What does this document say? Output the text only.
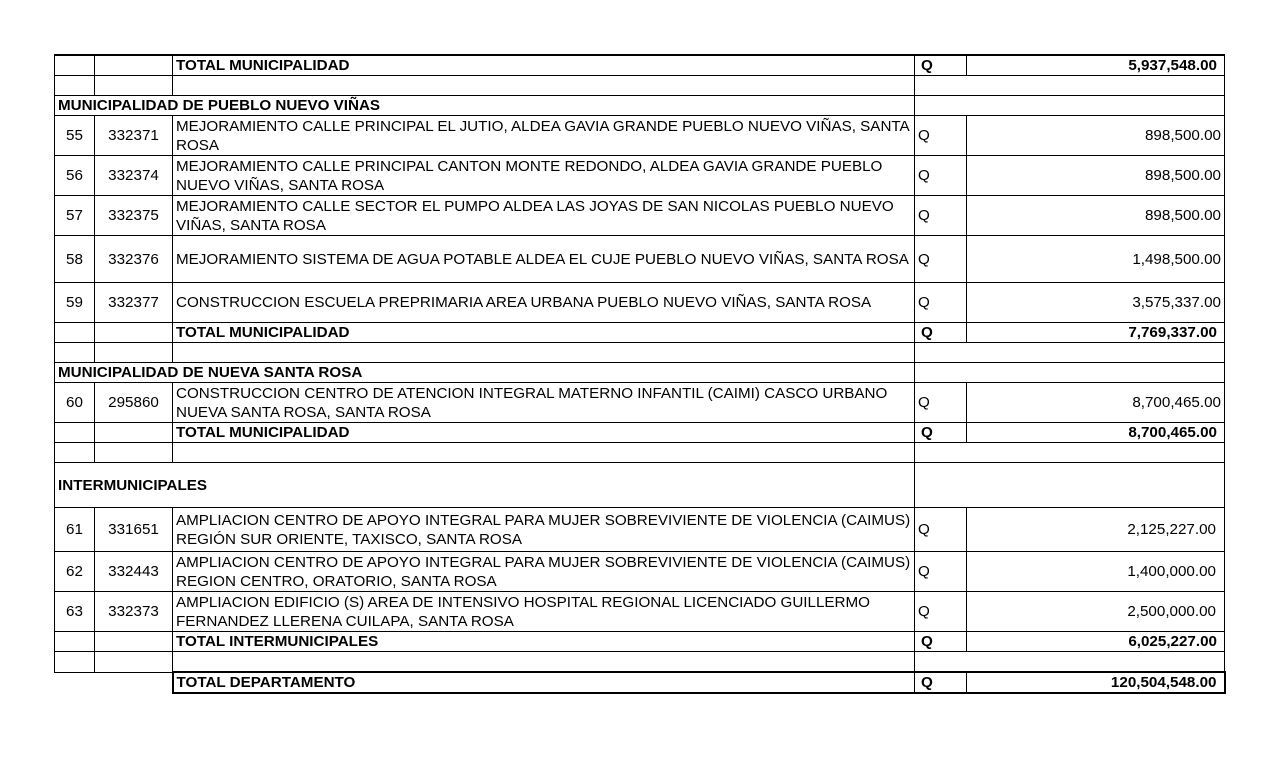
		TOTAL MUNICIPALIDAD	Q	5,937,548.00

MUNICIPALIDAD DE PUEBLO NUEVO VIÑAS				
55	332371	MEJORAMIENTO CALLE PRINCIPAL EL JUTIO, ALDEA GAVIA GRANDE PUEBLO NUEVO VIÑAS, SANTA ROSA	Q	898,500.00
56	332374	MEJORAMIENTO CALLE PRINCIPAL CANTON MONTE REDONDO, ALDEA GAVIA GRANDE PUEBLO NUEVO VIÑAS, SANTA ROSA	Q	898,500.00
57	332375	MEJORAMIENTO CALLE SECTOR EL PUMPO ALDEA LAS JOYAS DE SAN NICOLAS PUEBLO NUEVO VIÑAS, SANTA ROSA	Q	898,500.00
58	332376	MEJORAMIENTO SISTEMA DE AGUA POTABLE ALDEA EL CUJE PUEBLO NUEVO VIÑAS, SANTA ROSA	Q	1,498,500.00
59	332377	CONSTRUCCION ESCUELA PREPRIMARIA AREA URBANA PUEBLO NUEVO VIÑAS, SANTA ROSA	Q	3,575,337.00
		TOTAL MUNICIPALIDAD	Q	7,769,337.00

MUNICIPALIDAD DE NUEVA SANTA ROSA				
60	295860	CONSTRUCCION CENTRO DE ATENCION INTEGRAL MATERNO INFANTIL (CAIMI) CASCO URBANO NUEVA SANTA ROSA, SANTA ROSA	Q	8,700,465.00
		TOTAL MUNICIPALIDAD	Q	8,700,465.00

INTERMUNICIPALES				
61	331651	AMPLIACION CENTRO DE APOYO INTEGRAL PARA MUJER SOBREVIVIENTE DE VIOLENCIA (CAIMUS) REGIÓN SUR ORIENTE, TAXISCO, SANTA ROSA	Q	2,125,227.00
62	332443	AMPLIACION CENTRO DE APOYO INTEGRAL PARA MUJER SOBREVIVIENTE DE VIOLENCIA (CAIMUS) REGION CENTRO, ORATORIO, SANTA ROSA	Q	1,400,000.00
63	332373	AMPLIACION EDIFICIO (S) AREA DE INTENSIVO HOSPITAL REGIONAL LICENCIADO GUILLERMO FERNANDEZ LLERENA CUILAPA, SANTA ROSA	Q	2,500,000.00
		TOTAL INTERMUNICIPALES	Q	6,025,227.00

		TOTAL DEPARTAMENTO	Q	120,504,548.00
